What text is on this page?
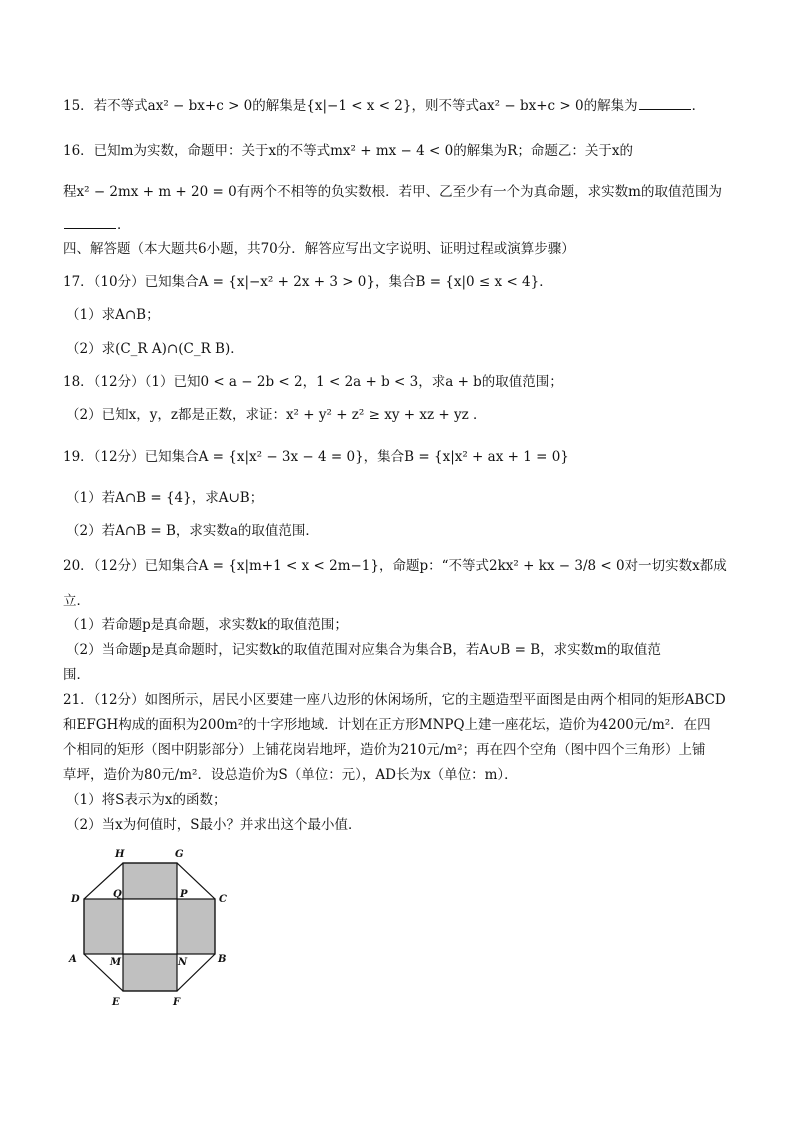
15．若不等式ax² − bx+c > 0的解集是{x|−1 < x < 2}，则不等式ax² − bx+c > 0的解集为	．
16．已知m为实数，命题甲：关于x的不等式mx² + mx − 4 < 0的解集为R；命题乙：关于x的
程x² − 2mx + m + 20 = 0有两个不相等的负实数根．若甲、乙至少有一个为真命题，求实数m的取值范围为
．
四、解答题（本大题共6小题，共70分．解答应写出文字说明、证明过程或演算步骤）
17．（10分）已知集合A = {x|−x² + 2x + 3 > 0}，集合B = {x|0 ≤ x < 4}．
（1）求A∩B；
（2）求(C_R A)∩(C_R B)．
18．（12分）（1）已知0 < a − 2b < 2，1 < 2a + b < 3，求a + b的取值范围；
（2）已知x，y，z都是正数，求证：x² + y² + z² ≥ xy + xz + yz ．
19．（12分）已知集合A = {x|x² − 3x − 4 = 0}，集合B = {x|x² + ax + 1 = 0}
（1）若A∩B = {4}，求A∪B；
（2）若A∩B = B，求实数a的取值范围．
20．（12分）已知集合A = {x|m+1 < x < 2m−1}，命题p：“不等式2kx² + kx − 3/8 < 0对一切实数x都成
立．
（1）若命题p是真命题，求实数k的取值范围；
（2）当命题p是真命题时，记实数k的取值范围对应集合为集合B，若A∪B = B，求实数m的取值范
围．
21．（12分）如图所示，居民小区要建一座八边形的休闲场所，它的主题造型平面图是由两个相同的矩形ABCD
和EFGH构成的面积为200m²的十字形地域．计划在正方形MNPQ上建一座花坛，造价为4200元/m²．在四
个相同的矩形（图中阴影部分）上铺花岗岩地坪，造价为210元/m²；再在四个空角（图中四个三角形）上铺
草坪，造价为80元/m²．设总造价为S（单位：元），AD长为x（单位：m）．
（1）将S表示为x的函数；
（2）当x为何值时，S最小？并求出这个最小值．
H	G
D	Q	P	C
A	M	N	B
E	F
